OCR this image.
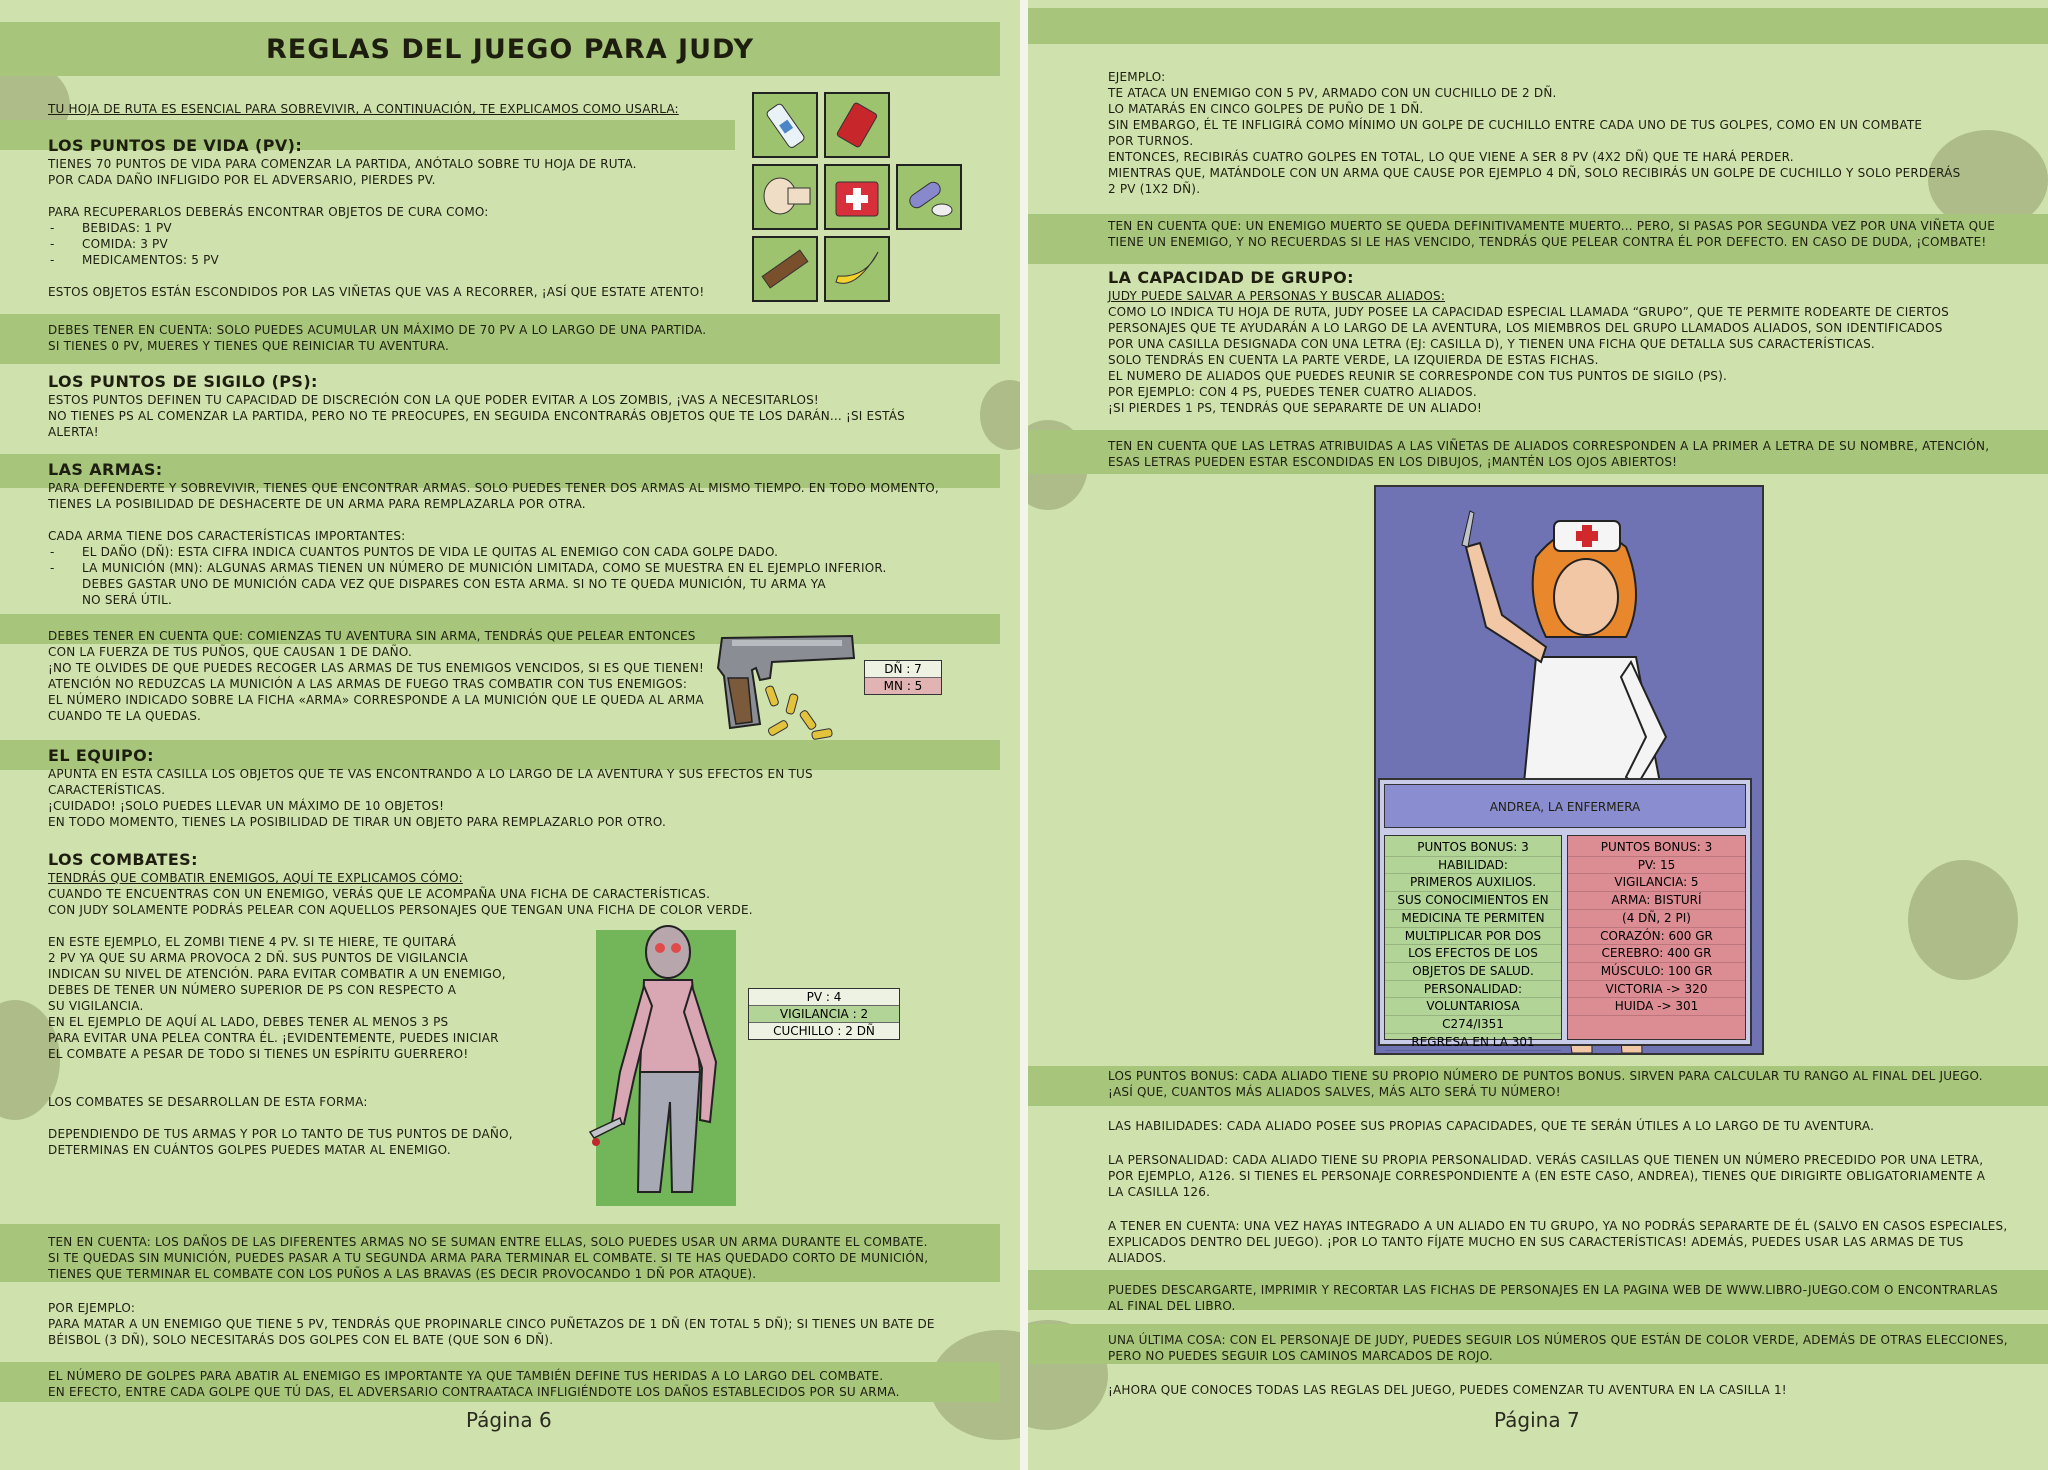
REGLAS DEL JUEGO PARA JUDY
TU HOJA DE RUTA ES ESENCIAL PARA SOBREVIVIR, A CONTINUACIÓN, TE EXPLICAMOS COMO USARLA:
LOS PUNTOS DE VIDA (PV):
TIENES 70 PUNTOS DE VIDA PARA COMENZAR LA PARTIDA, ANÓTALO SOBRE TU HOJA DE RUTA.
POR CADA DAÑO INFLIGIDO POR EL ADVERSARIO, PIERDES PV.
PARA RECUPERARLOS DEBERÁS ENCONTRAR OBJETOS DE CURA COMO:
- BEBIDAS: 1 PV
- COMIDA: 3 PV
- MEDICAMENTOS: 5 PV
ESTOS OBJETOS ESTÁN ESCONDIDOS POR LAS VIÑETAS QUE VAS A RECORRER, ¡ASÍ QUE ESTATE ATENTO!
DEBES TENER EN CUENTA: SOLO PUEDES ACUMULAR UN MÁXIMO DE 70 PV A LO LARGO DE UNA PARTIDA.
SI TIENES 0 PV, MUERES Y TIENES QUE REINICIAR TU AVENTURA.
LOS PUNTOS DE SIGILO (PS):
ESTOS PUNTOS DEFINEN TU CAPACIDAD DE DISCRECIÓN CON LA QUE PODER EVITAR A LOS ZOMBIS, ¡VAS A NECESITARLOS!
NO TIENES PS AL COMENZAR LA PARTIDA, PERO NO TE PREOCUPES, EN SEGUIDA ENCONTRARÁS OBJETOS QUE TE LOS DARÁN... ¡SI ESTÁS
ALERTA!
LAS ARMAS:
PARA DEFENDERTE Y SOBREVIVIR, TIENES QUE ENCONTRAR ARMAS. SOLO PUEDES TENER DOS ARMAS AL MISMO TIEMPO. EN TODO MOMENTO,
TIENES LA POSIBILIDAD DE DESHACERTE DE UN ARMA PARA REMPLAZARLA POR OTRA.
CADA ARMA TIENE DOS CARACTERÍSTICAS IMPORTANTES:
- EL DAÑO (DÑ): ESTA CIFRA INDICA CUANTOS PUNTOS DE VIDA LE QUITAS AL ENEMIGO CON CADA GOLPE DADO.
- LA MUNICIÓN (MN): ALGUNAS ARMAS TIENEN UN NÚMERO DE MUNICIÓN LIMITADA, COMO SE MUESTRA EN EL EJEMPLO INFERIOR.
DEBES GASTAR UNO DE MUNICIÓN CADA VEZ QUE DISPARES CON ESTA ARMA. SI NO TE QUEDA MUNICIÓN, TU ARMA YA
NO SERÁ ÚTIL.
DEBES TENER EN CUENTA QUE: COMIENZAS TU AVENTURA SIN ARMA, TENDRÁS QUE PELEAR ENTONCES
CON LA FUERZA DE TUS PUÑOS, QUE CAUSAN 1 DE DAÑO.
¡NO TE OLVIDES DE QUE PUEDES RECOGER LAS ARMAS DE TUS ENEMIGOS VENCIDOS, SI ES QUE TIENEN!
ATENCIÓN NO REDUZCAS LA MUNICIÓN A LAS ARMAS DE FUEGO TRAS COMBATIR CON TUS ENEMIGOS:
EL NÚMERO INDICADO SOBRE LA FICHA «ARMA» CORRESPONDE A LA MUNICIÓN QUE LE QUEDA AL ARMA
CUANDO TE LA QUEDAS.
DÑ : 7
MN : 5
EL EQUIPO:
APUNTA EN ESTA CASILLA LOS OBJETOS QUE TE VAS ENCONTRANDO A LO LARGO DE LA AVENTURA Y SUS EFECTOS EN TUS
CARACTERÍSTICAS.
¡CUIDADO! ¡SOLO PUEDES LLEVAR UN MÁXIMO DE 10 OBJETOS!
EN TODO MOMENTO, TIENES LA POSIBILIDAD DE TIRAR UN OBJETO PARA REMPLAZARLO POR OTRO.
LOS COMBATES:
TENDRÁS QUE COMBATIR ENEMIGOS, AQUÍ TE EXPLICAMOS CÓMO:
CUANDO TE ENCUENTRAS CON UN ENEMIGO, VERÁS QUE LE ACOMPAÑA UNA FICHA DE CARACTERÍSTICAS.
CON JUDY SOLAMENTE PODRÁS PELEAR CON AQUELLOS PERSONAJES QUE TENGAN UNA FICHA DE COLOR VERDE.
EN ESTE EJEMPLO, EL ZOMBI TIENE 4 PV. SI TE HIERE, TE QUITARÁ
2 PV YA QUE SU ARMA PROVOCA 2 DÑ. SUS PUNTOS DE VIGILANCIA
INDICAN SU NIVEL DE ATENCIÓN. PARA EVITAR COMBATIR A UN ENEMIGO,
DEBES DE TENER UN NÚMERO SUPERIOR DE PS CON RESPECTO A
SU VIGILANCIA.
EN EL EJEMPLO DE AQUÍ AL LADO, DEBES TENER AL MENOS 3 PS
PARA EVITAR UNA PELEA CONTRA ÉL. ¡EVIDENTEMENTE, PUEDES INICIAR
EL COMBATE A PESAR DE TODO SI TIENES UN ESPÍRITU GUERRERO!
LOS COMBATES SE DESARROLLAN DE ESTA FORMA:
DEPENDIENDO DE TUS ARMAS Y POR LO TANTO DE TUS PUNTOS DE DAÑO,
DETERMINAS EN CUÁNTOS GOLPES PUEDES MATAR AL ENEMIGO.
PV : 4
VIGILANCIA : 2
CUCHILLO : 2 DÑ
TEN EN CUENTA: LOS DAÑOS DE LAS DIFERENTES ARMAS NO SE SUMAN ENTRE ELLAS, SOLO PUEDES USAR UN ARMA DURANTE EL COMBATE.
SI TE QUEDAS SIN MUNICIÓN, PUEDES PASAR A TU SEGUNDA ARMA PARA TERMINAR EL COMBATE. SI TE HAS QUEDADO CORTO DE MUNICIÓN,
TIENES QUE TERMINAR EL COMBATE CON LOS PUÑOS A LAS BRAVAS (ES DECIR PROVOCANDO 1 DÑ POR ATAQUE).
POR EJEMPLO:
PARA MATAR A UN ENEMIGO QUE TIENE 5 PV, TENDRÁS QUE PROPINARLE CINCO PUÑETAZOS DE 1 DÑ (EN TOTAL 5 DÑ); SI TIENES UN BATE DE
BÉISBOL (3 DÑ), SOLO NECESITARÁS DOS GOLPES CON EL BATE (QUE SON 6 DÑ).
EL NÚMERO DE GOLPES PARA ABATIR AL ENEMIGO ES IMPORTANTE YA QUE TAMBIÉN DEFINE TUS HERIDAS A LO LARGO DEL COMBATE.
EN EFECTO, ENTRE CADA GOLPE QUE TÚ DAS, EL ADVERSARIO CONTRAATACA INFLIGIÉNDOTE LOS DAÑOS ESTABLECIDOS POR SU ARMA.
Página 6
EJEMPLO:
TE ATACA UN ENEMIGO CON 5 PV, ARMADO CON UN CUCHILLO DE 2 DÑ.
LO MATARÁS EN CINCO GOLPES DE PUÑO DE 1 DÑ.
SIN EMBARGO, ÉL TE INFLIGIRÁ COMO MÍNIMO UN GOLPE DE CUCHILLO ENTRE CADA UNO DE TUS GOLPES, COMO EN UN COMBATE
POR TURNOS.
ENTONCES, RECIBIRÁS CUATRO GOLPES EN TOTAL, LO QUE VIENE A SER 8 PV (4X2 DÑ) QUE TE HARÁ PERDER.
MIENTRAS QUE, MATÁNDOLE CON UN ARMA QUE CAUSE POR EJEMPLO 4 DÑ, SOLO RECIBIRÁS UN GOLPE DE CUCHILLO Y SOLO PERDERÁS
2 PV (1X2 DÑ).
TEN EN CUENTA QUE: UN ENEMIGO MUERTO SE QUEDA DEFINITIVAMENTE MUERTO... PERO, SI PASAS POR SEGUNDA VEZ POR UNA VIÑETA QUE
TIENE UN ENEMIGO, Y NO RECUERDAS SI LE HAS VENCIDO, TENDRÁS QUE PELEAR CONTRA ÉL POR DEFECTO. EN CASO DE DUDA, ¡COMBATE!
LA CAPACIDAD DE GRUPO:
JUDY PUEDE SALVAR A PERSONAS Y BUSCAR ALIADOS:
COMO LO INDICA TU HOJA DE RUTA, JUDY POSEE LA CAPACIDAD ESPECIAL LLAMADA “GRUPO”, QUE TE PERMITE RODEARTE DE CIERTOS
PERSONAJES QUE TE AYUDARÁN A LO LARGO DE LA AVENTURA, LOS MIEMBROS DEL GRUPO LLAMADOS ALIADOS, SON IDENTIFICADOS
POR UNA CASILLA DESIGNADA CON UNA LETRA (EJ: CASILLA D), Y TIENEN UNA FICHA QUE DETALLA SUS CARACTERÍSTICAS.
SOLO TENDRÁS EN CUENTA LA PARTE VERDE, LA IZQUIERDA DE ESTAS FICHAS.
EL NUMERO DE ALIADOS QUE PUEDES REUNIR SE CORRESPONDE CON TUS PUNTOS DE SIGILO (PS).
POR EJEMPLO: CON 4 PS, PUEDES TENER CUATRO ALIADOS.
¡SI PIERDES 1 PS, TENDRÁS QUE SEPARARTE DE UN ALIADO!
TEN EN CUENTA QUE LAS LETRAS ATRIBUIDAS A LAS VIÑETAS DE ALIADOS CORRESPONDEN A LA PRIMER A LETRA DE SU NOMBRE, ATENCIÓN,
ESAS LETRAS PUEDEN ESTAR ESCONDIDAS EN LOS DIBUJOS, ¡MANTÉN LOS OJOS ABIERTOS!
LOS PUNTOS BONUS: CADA ALIADO TIENE SU PROPIO NÚMERO DE PUNTOS BONUS. SIRVEN PARA CALCULAR TU RANGO AL FINAL DEL JUEGO.
¡ASÍ QUE, CUANTOS MÁS ALIADOS SALVES, MÁS ALTO SERÁ TU NÚMERO!
LAS HABILIDADES: CADA ALIADO POSEE SUS PROPIAS CAPACIDADES, QUE TE SERÁN ÚTILES A LO LARGO DE TU AVENTURA.
LA PERSONALIDAD: CADA ALIADO TIENE SU PROPIA PERSONALIDAD. VERÁS CASILLAS QUE TIENEN UN NÚMERO PRECEDIDO POR UNA LETRA,
POR EJEMPLO, A126. SI TIENES EL PERSONAJE CORRESPONDIENTE A (EN ESTE CASO, ANDREA), TIENES QUE DIRIGIRTE OBLIGATORIAMENTE A
LA CASILLA 126.
A TENER EN CUENTA: UNA VEZ HAYAS INTEGRADO A UN ALIADO EN TU GRUPO, YA NO PODRÁS SEPARARTE DE ÉL (SALVO EN CASOS ESPECIALES,
EXPLICADOS DENTRO DEL JUEGO). ¡POR LO TANTO FÍJATE MUCHO EN SUS CARACTERÍSTICAS! ADEMÁS, PUEDES USAR LAS ARMAS DE TUS
ALIADOS.
PUEDES DESCARGARTE, IMPRIMIR Y RECORTAR LAS FICHAS DE PERSONAJES EN LA PAGINA WEB DE WWW.LIBRO-JUEGO.COM O ENCONTRARLAS
AL FINAL DEL LIBRO.
UNA ÚLTIMA COSA: CON EL PERSONAJE DE JUDY, PUEDES SEGUIR LOS NÚMEROS QUE ESTÁN DE COLOR VERDE, ADEMÁS DE OTRAS ELECCIONES,
PERO NO PUEDES SEGUIR LOS CAMINOS MARCADOS DE ROJO.
¡AHORA QUE CONOCES TODAS LAS REGLAS DEL JUEGO, PUEDES COMENZAR TU AVENTURA EN LA CASILLA 1!
Página 7
ANDREA, LA ENFERMERA
PUNTOS BONUS: 3
HABILIDAD:
PRIMEROS AUXILIOS.
SUS CONOCIMIENTOS EN
MEDICINA TE PERMITEN
MULTIPLICAR POR DOS
LOS EFECTOS DE LOS
OBJETOS DE SALUD.
PERSONALIDAD:
VOLUNTARIOSA
C274/I351
REGRESA EN LA 301
PUNTOS BONUS: 3
PV: 15
VIGILANCIA: 5
ARMA: BISTURÍ
(4 DÑ, 2 PI)
CORAZÓN: 600 GR
CEREBRO: 400 GR
MÚSCULO: 100 GR
VICTORIA -> 320
HUIDA -> 301
